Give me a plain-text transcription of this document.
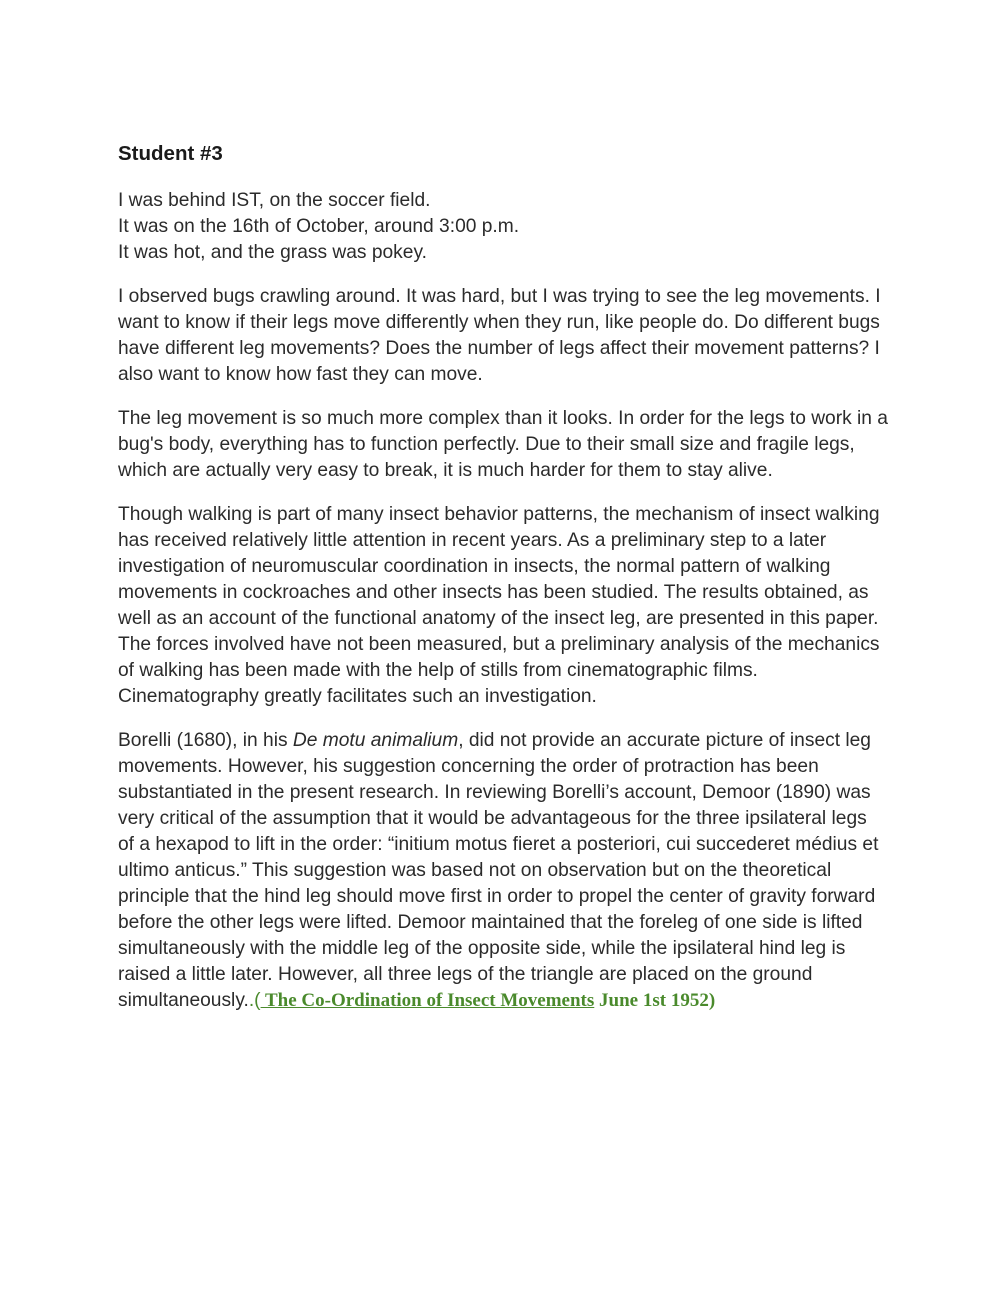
Student #3

I was behind IST, on the soccer field.
It was on the 16th of October, around 3:00 p.m.
It was hot, and the grass was pokey.

I observed bugs crawling around. It was hard, but I was trying to see the leg movements. I want to know if their legs move differently when they run, like people do. Do different bugs have different leg movements? Does the number of legs affect their movement patterns? I also want to know how fast they can move.

The leg movement is so much more complex than it looks. In order for the legs to work in a bug's body, everything has to function perfectly. Due to their small size and fragile legs, which are actually very easy to break, it is much harder for them to stay alive.

Though walking is part of many insect behavior patterns, the mechanism of insect walking has received relatively little attention in recent years. As a preliminary step to a later investigation of neuromuscular coordination in insects, the normal pattern of walking movements in cockroaches and other insects has been studied. The results obtained, as well as an account of the functional anatomy of the insect leg, are presented in this paper. The forces involved have not been measured, but a preliminary analysis of the mechanics of walking has been made with the help of stills from cinematographic films. Cinematography greatly facilitates such an investigation.

Borelli (1680), in his De motu animalium, did not provide an accurate picture of insect leg movements. However, his suggestion concerning the order of protraction has been substantiated in the present research. In reviewing Borelli’s account, Demoor (1890) was very critical of the assumption that it would be advantageous for the three ipsilateral legs of a hexapod to lift in the order: “initium motus fieret a posteriori, cui succederet médius et ultimo anticus.” This suggestion was based not on observation but on the theoretical principle that the hind leg should move first in order to propel the center of gravity forward before the other legs were lifted. Demoor maintained that the foreleg of one side is lifted simultaneously with the middle leg of the opposite side, while the ipsilateral hind leg is raised a little later. However, all three legs of the triangle are placed on the ground simultaneously..( The Co-Ordination of Insect Movements June 1st 1952)
